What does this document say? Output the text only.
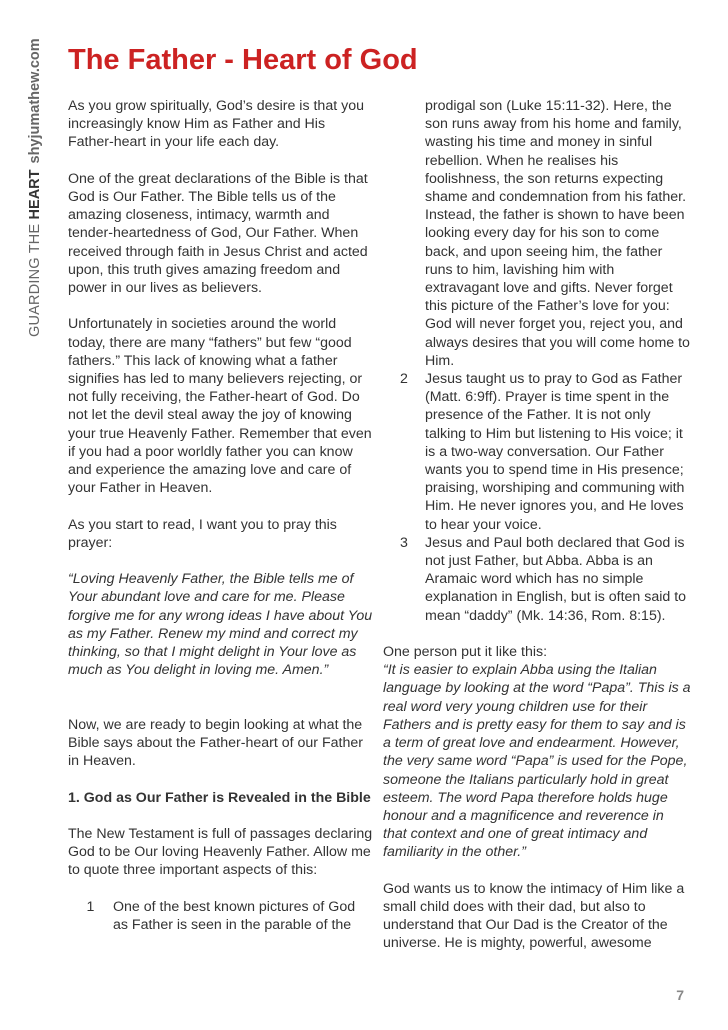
GUARDING THE HEARTshyjumathew.com The Father - Heart of God

As you grow spiritually, God’s desire is that you increasingly know Him as Father and His Father-heart in your life each day.

One of the great declarations of the Bible is that God is Our Father. The Bible tells us of the amazing closeness, intimacy, warmth and tender-heartedness of God, Our Father. When received through faith in Jesus Christ and acted upon, this truth gives amazing freedom and power in our lives as believers.

Unfortunately in societies around the world today, there are many “fathers” but few “good fathers.” This lack of knowing what a father signifies has led to many believers rejecting, or not fully receiving, the Father-heart of God. Do not let the devil steal away the joy of knowing your true Heavenly Father. Remember that even if you had a poor worldly father you can know and experience the amazing love and care of your Father in Heaven.

As you start to read, I want you to pray this prayer:

“Loving Heavenly Father, the Bible tells me of Your abundant love and care for me. Please forgive me for any wrong ideas I have about You as my Father. Renew my mind and correct my thinking, so that I might delight in Your love as much as You delight in loving me. Amen.”

Now, we are ready to begin looking at what the Bible says about the Father-heart of our Father in Heaven.

1. God as Our Father is Revealed in the Bible

The New Testament is full of passages declaring God to be Our loving Heavenly Father. Allow me to quote three important aspects of this:

1	One of the best known pictures of God as Father is seen in the parable of the
prodigal son (Luke 15:11-32). Here, the son runs away from his home and family, wasting his time and money in sinful rebellion. When he realises his foolishness, the son returns expecting shame and condemnation from his father. Instead, the father is shown to have been looking every day for his son to come back, and upon seeing him, the father runs to him, lavishing him with extravagant love and gifts. Never forget this picture of the Father’s love for you: God will never forget you, reject you, and always desires that you will come home to Him.
2	Jesus taught us to pray to God as Father (Matt. 6:9ff). Prayer is time spent in the presence of the Father. It is not only talking to Him but listening to His voice; it is a two-way conversation. Our Father wants you to spend time in His presence; praising, worshiping and communing with Him. He never ignores you, and He loves to hear your voice.
3	Jesus and Paul both declared that God is not just Father, but Abba. Abba is an Aramaic word which has no simple explanation in English, but is often said to mean “daddy” (Mk. 14:36, Rom. 8:15).

One person put it like this:

“It is easier to explain Abba using the Italian language by looking at the word “Papa”. This is a real word very young children use for their Fathers and is pretty easy for them to say and is a term of great love and endearment. However, the very same word “Papa” is used for the Pope, someone the Italians particularly hold in great esteem. The word Papa therefore holds huge honour and a magnificence and reverence in that context and one of great intimacy and familiarity in the other.”

God wants us to know the intimacy of Him like a small child does with their dad, but also to understand that Our Dad is the Creator of the universe. He is mighty, powerful, awesome

7
